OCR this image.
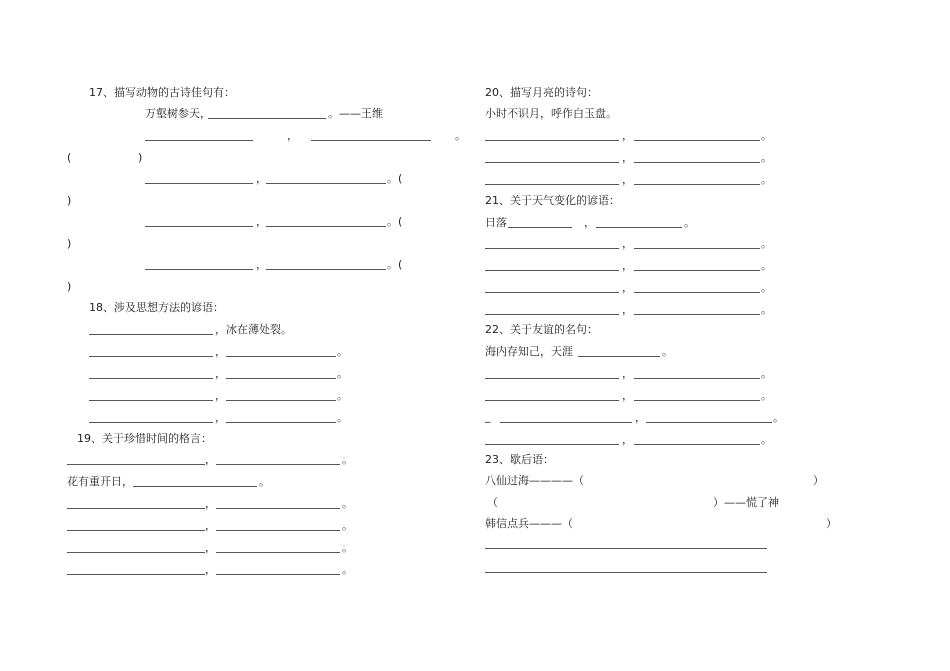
17、描写动物的古诗佳句有：
万壑树参天，	。——王维
，	。
(	)
，	。(
)
，	。(
)
，	。(
)
18、涉及思想方法的谚语：
，冰在薄处裂。
，	。
，	。
，	。
，	。
19、关于珍惜时间的格言：
，	。
花有重开日，	。
，	。
，	。
，	。
，	。
20、描写月亮的诗句：
小时不识月，呼作白玉盘。
，	。
，	。
，	。
21、关于天气变化的谚语：
日落	，	。
，	。
，	。
，	。
，	。
22、关于友谊的名句：
海内存知己，天涯	。
，	。
，	。
_	，	。
，	。
23、歇后语：
八仙过海————（	）
（	）——慌了神
韩信点兵———（	）
